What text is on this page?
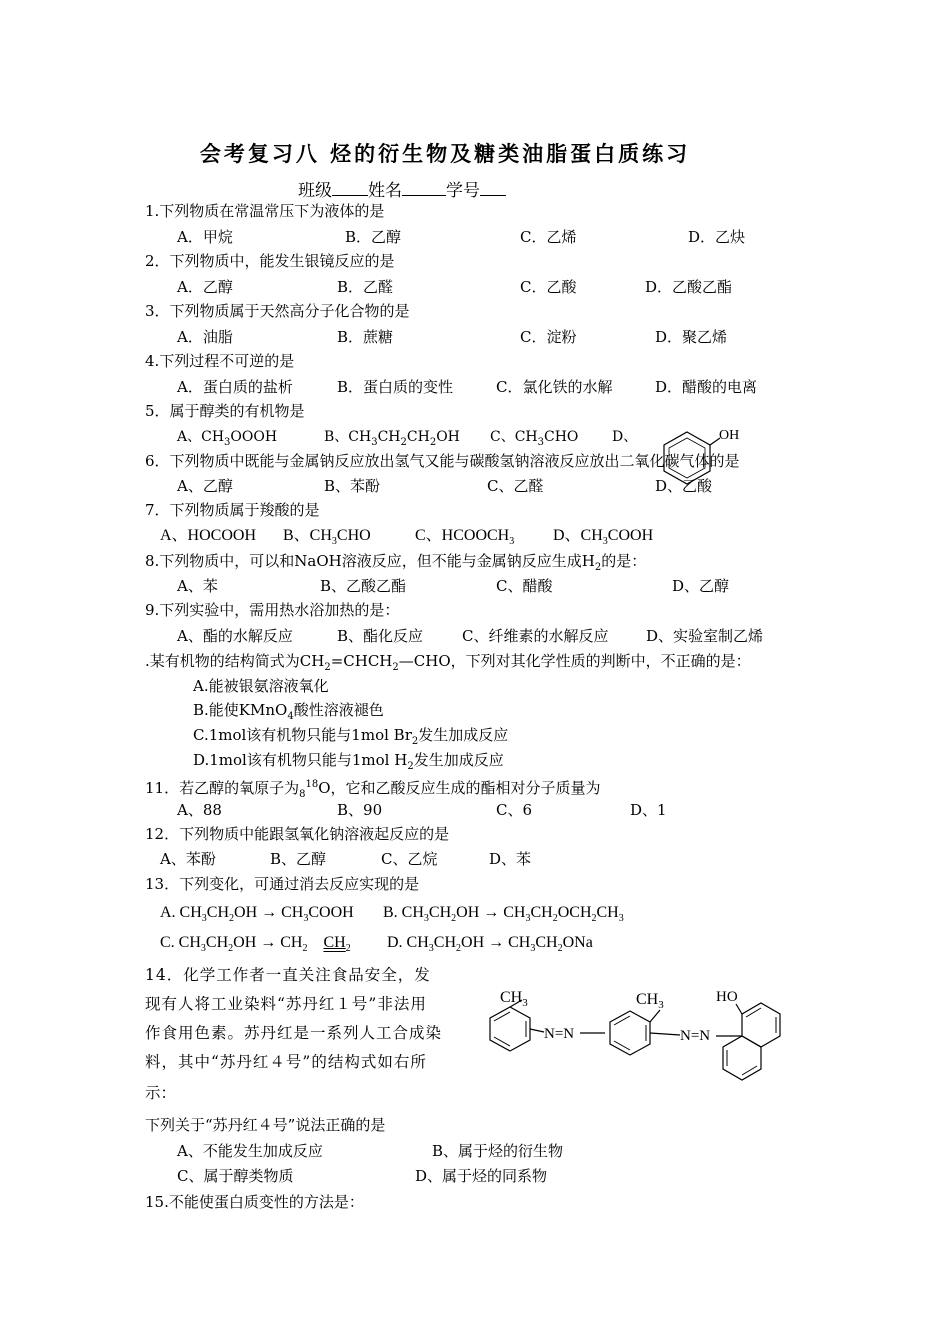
会考复习八 烃的衍生物及糖类油脂蛋白质练习
班级 姓名	学号
1.下列物质在常温常压下为液体的是
A．甲烷	B．乙醇	C．乙烯	D．乙炔
2．下列物质中，能发生银镜反应的是
A．乙醇	B．乙醛	C．乙酸	D．乙酸乙酯
3．下列物质属于天然高分子化合物的是
A．油脂	B．蔗糖	C．淀粉	D．聚乙烯
4.下列过程不可逆的是
A．蛋白质的盐析	B．蛋白质的变性	C．氯化铁的水解	D．醋酸的电离
5．属于醇类的有机物是
A、$CH_3OOOH$	B、$CH_3CH_2CH_2OH$ C、$CH_3CHO$ D、	OH
6．下列物质中既能与金属钠反应放出氢气又能与碳酸氢钠溶液反应放出二氧化碳气体的是
A、乙醇	B、苯酚	C、乙醛	D、乙酸
7．下列物质属于羧酸的是
A、HOCOOH B、$CH_3CHO$	C、$HCOOCH_3$ D、$CH_3COOH$
8.下列物质中，可以和NaOH溶液反应，但不能与金属钠反应生成$H_2$的是：
A、苯	B、乙酸乙酯	C、醋酸	D、乙醇
9.下列实验中，需用热水浴加热的是：
A、酯的水解反应	B、酯化反应	C、纤维素的水解反应	D、实验室制乙烯
.某有机物的结构简式为$CH_2=CHCH_2—CHO$，下列对其化学性质的判断中，不正确的是：
A.能被银氨溶液氧化
B.能使KMnO$_4$酸性溶液褪色
C.1mol该有机物只能与1mol $Br_2$发生加成反应
D.1mol该有机物只能与1mol $H_2$发生加成反应
11．若乙醇的氧原子为$_8^{18}$O，它和乙酸反应生成的酯相对分子质量为
A、88	B、90	C、6	D、1
12．下列物质中能跟氢氧化钠溶液起反应的是
A、苯酚	B、乙醇	C、乙烷	D、苯
13．下列变化，可通过消去反应实现的是
A. $CH_3CH_2OH$ → $CH_3COOH$ B. $CH_3CH_2OH \to CH_3CH_2OCH_2CH_3$
C. $CH_3CH_2OH \to CH_2$ $CH_2$ D. $CH_3CH_2OH \to CH_3CH_2ONa$
14．化学工作者一直关注食品安全，发
现有人将工业染料“苏丹红１号”非法用
作食用色素。苏丹红是一系列人工合成染
料，其中“苏丹红４号”的结构式如右所
示：
$CH_3$
N=N
$CH_3$
N=N
HO
下列关于“苏丹红４号”说法正确的是
A、不能发生加成反应	B、属于烃的衍生物
C、属于醇类物质	D、属于烃的同系物
15.不能使蛋白质变性的方法是：
